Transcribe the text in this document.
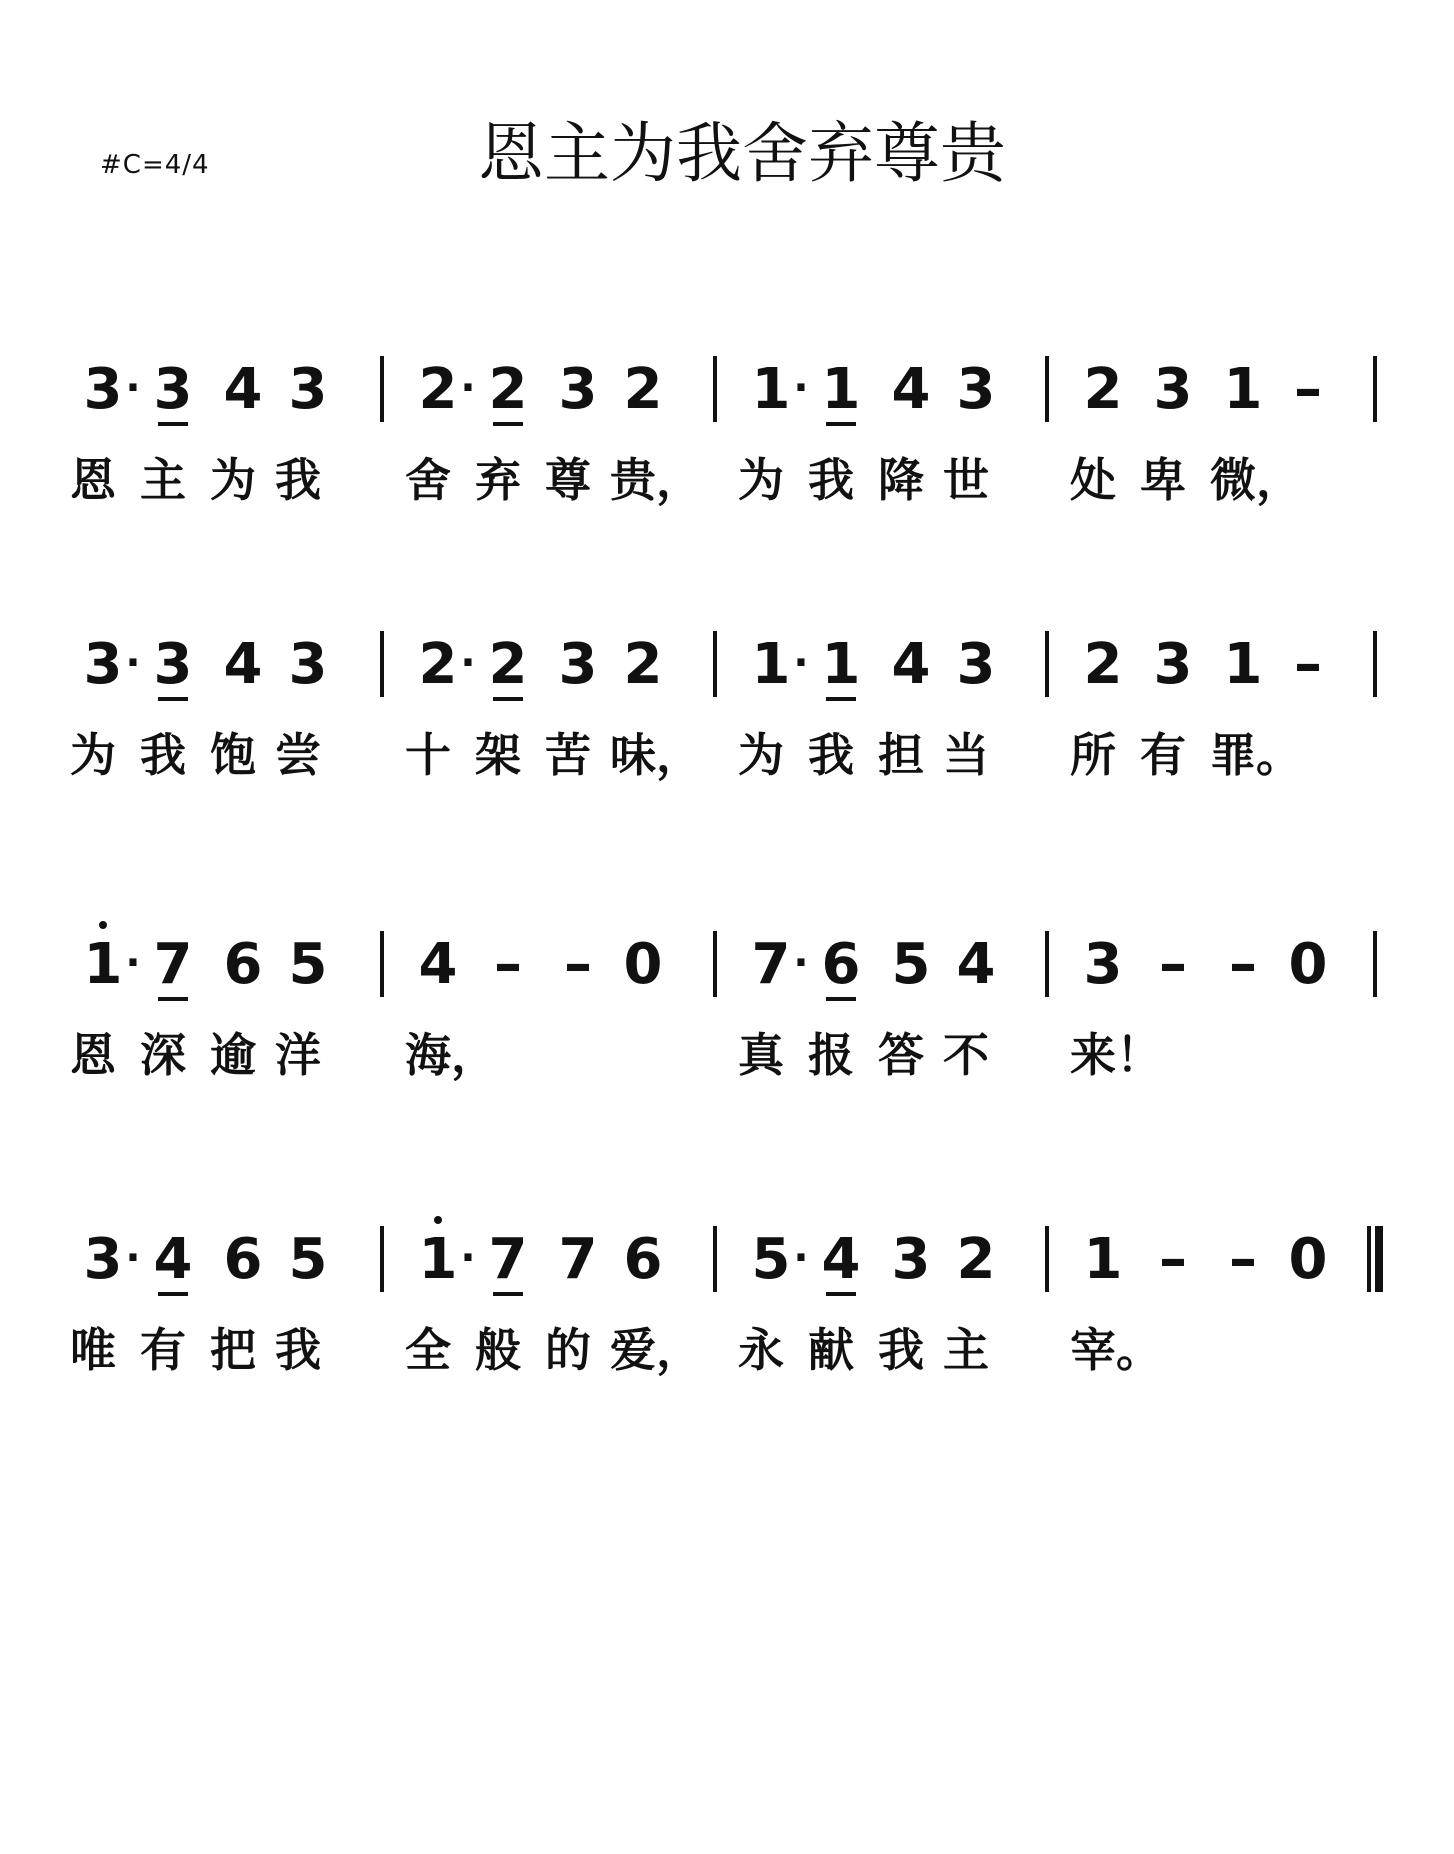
#C=4/4	恩主为我舍弃尊贵
3 · 3 4 3 2 · 2 3 2 1 · 1 4 3 2 3 1 –
恩 主 为 我	舍 弃 尊 贵， 为 我 降 世	处 卑 微，
3 · 3 4 3 2 · 2 3 2 1 · 1 4 3 2 3 1 –
为 我 饱 尝	十 架 苦 味， 为 我 担 当	所 有 罪。
1 · 7 6 5 4 – – 0 7 · 6 5 4 3 – – 0
恩 深 逾 洋	海，	真 报 答 不	来！
3 · 4 6 5 1 · 7 7 6 5 · 4 3 2 1 – – 0
唯 有 把 我	全 般 的 爱， 永 献 我 主	宰。
